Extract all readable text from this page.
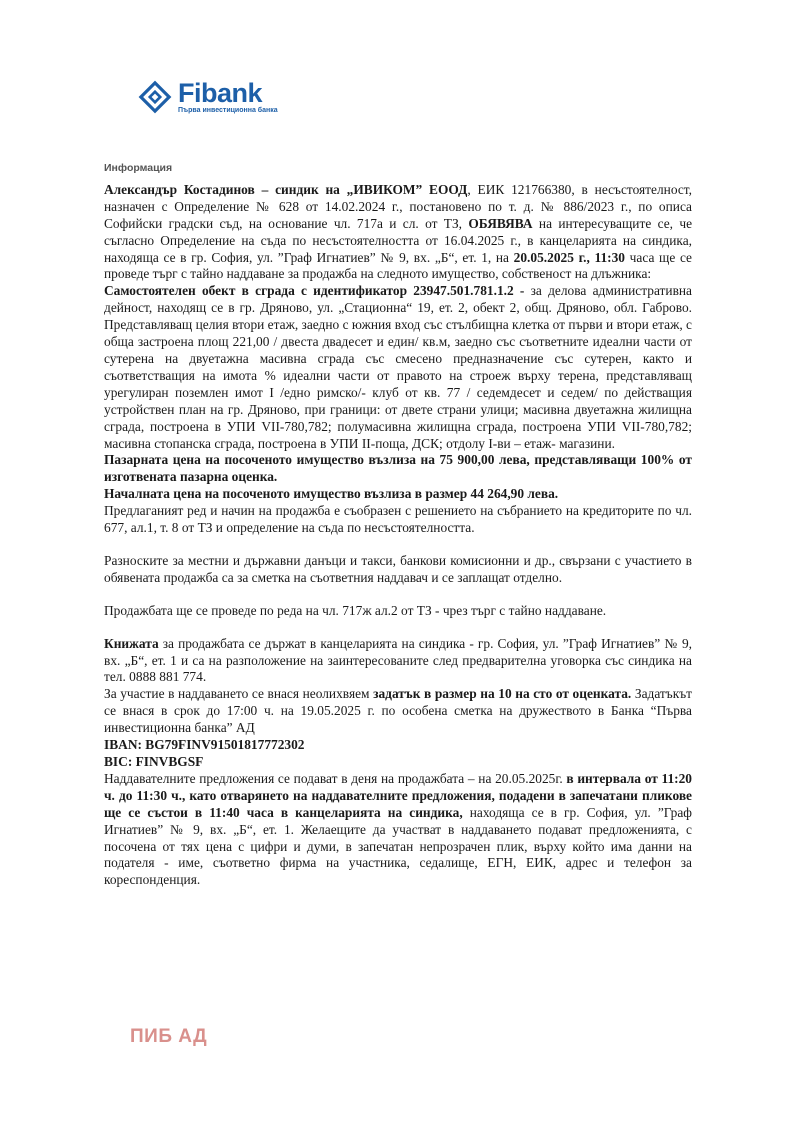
Fibank
Първа инвестиционна банка

Информация

Александър Костадинов – синдик на „ИВИКОМ” ЕООД, ЕИК 121766380, в несъстоятелност, назначен с Определение № 628 от 14.02.2024 г., постановено по т. д. № 886/2023 г., по описа Софийски градски съд, на основание чл. 717а и сл. от ТЗ, ОБЯВЯВА на интересуващите се, че съгласно Определение на съда по несъстоятелността от 16.04.2025 г., в канцеларията на синдика, находяща се в гр. София, ул. ”Граф Игнатиев” № 9, вх. „Б“, ет. 1, на 20.05.2025 г., 11:30 часа ще се проведе търг с тайно наддаване за продажба на следното имущество, собственост на длъжника:

Самостоятелен обект в сграда с идентификатор 23947.501.781.1.2 - за делова административна дейност, находящ се в гр. Дряново, ул. „Стационна“ 19, ет. 2, обект 2, общ. Дряново, обл. Габрово. Представляващ целия втори етаж, заедно с южния вход със стълбищна клетка от първи и втори етаж, с обща застроена площ 221,00 / двеста двадесет и един/ кв.м, заедно със съответните идеални части от сутерена на двуетажна масивна сграда със смесено предназначение със сутерен, както и съответстващия на имота % идеални части от правото на строеж върху терена, представляващ урегулиран поземлен имот I /едно римско/- клуб от кв. 77 / седемдесет и седем/ по действащия устройствен план на гр. Дряново, при граници: от двете страни улици; масивна двуетажна жилищна сграда, построена в УПИ VII-780,782; полумасивна жилищна сграда, построена УПИ VII-780,782; масивна стопанска сграда, построена в УПИ II-поща, ДСК; отдолу I-ви – етаж- магазини.

Пазарната цена на посоченото имущество възлиза на 75 900,00 лева, представляващи 100% от изготвената пазарна оценка.

Началната цена на посоченото имущество възлиза в размер 44 264,90 лева.

Предлаганият ред и начин на продажба е съобразен с решението на събранието на кредиторите по чл. 677, ал.1, т. 8 от ТЗ и определение на съда по несъстоятелността.

Разноските за местни и държавни данъци и такси, банкови комисионни и др., свързани с участието в обявената продажба са за сметка на съответния наддавач и се заплащат отделно.

Продажбата ще се проведе по реда на чл. 717ж ал.2 от ТЗ - чрез търг с тайно наддаване.

Книжата за продажбата се държат в канцеларията на синдика - гр. София, ул. ”Граф Игнатиев” № 9, вх. „Б“, ет. 1 и са на разположение на заинтересованите след предварителна уговорка със синдика на тел. 0888 881 774.

За участие в наддаването се внася неолихвяем задатък в размер на 10 на сто от оценката. Задатъкът се внася в срок до 17:00 ч. на 19.05.2025 г. по особена сметка на дружеството в Банка “Първа инвестиционна банка” АД

IBAN: BG79FINV91501817772302

BIC: FINVBGSF

Наддавателните предложения се подават в деня на продажбата – на 20.05.2025г. в интервала от 11:20 ч. до 11:30 ч., като отварянето на наддавателните предложения, подадени в запечатани пликове ще се състои в 11:40 часа в канцеларията на синдика, находяща се в гр. София, ул. ”Граф Игнатиев” № 9, вх. „Б“, ет. 1. Желаещите да участват в наддаването подават предложенията, с посочена от тях цена с цифри и думи, в запечатан непрозрачен плик, върху който има данни на подателя - име, съответно фирма на участника, седалище, ЕГН, ЕИК, адрес и телефон за кореспонденция.

ПИБ АД
